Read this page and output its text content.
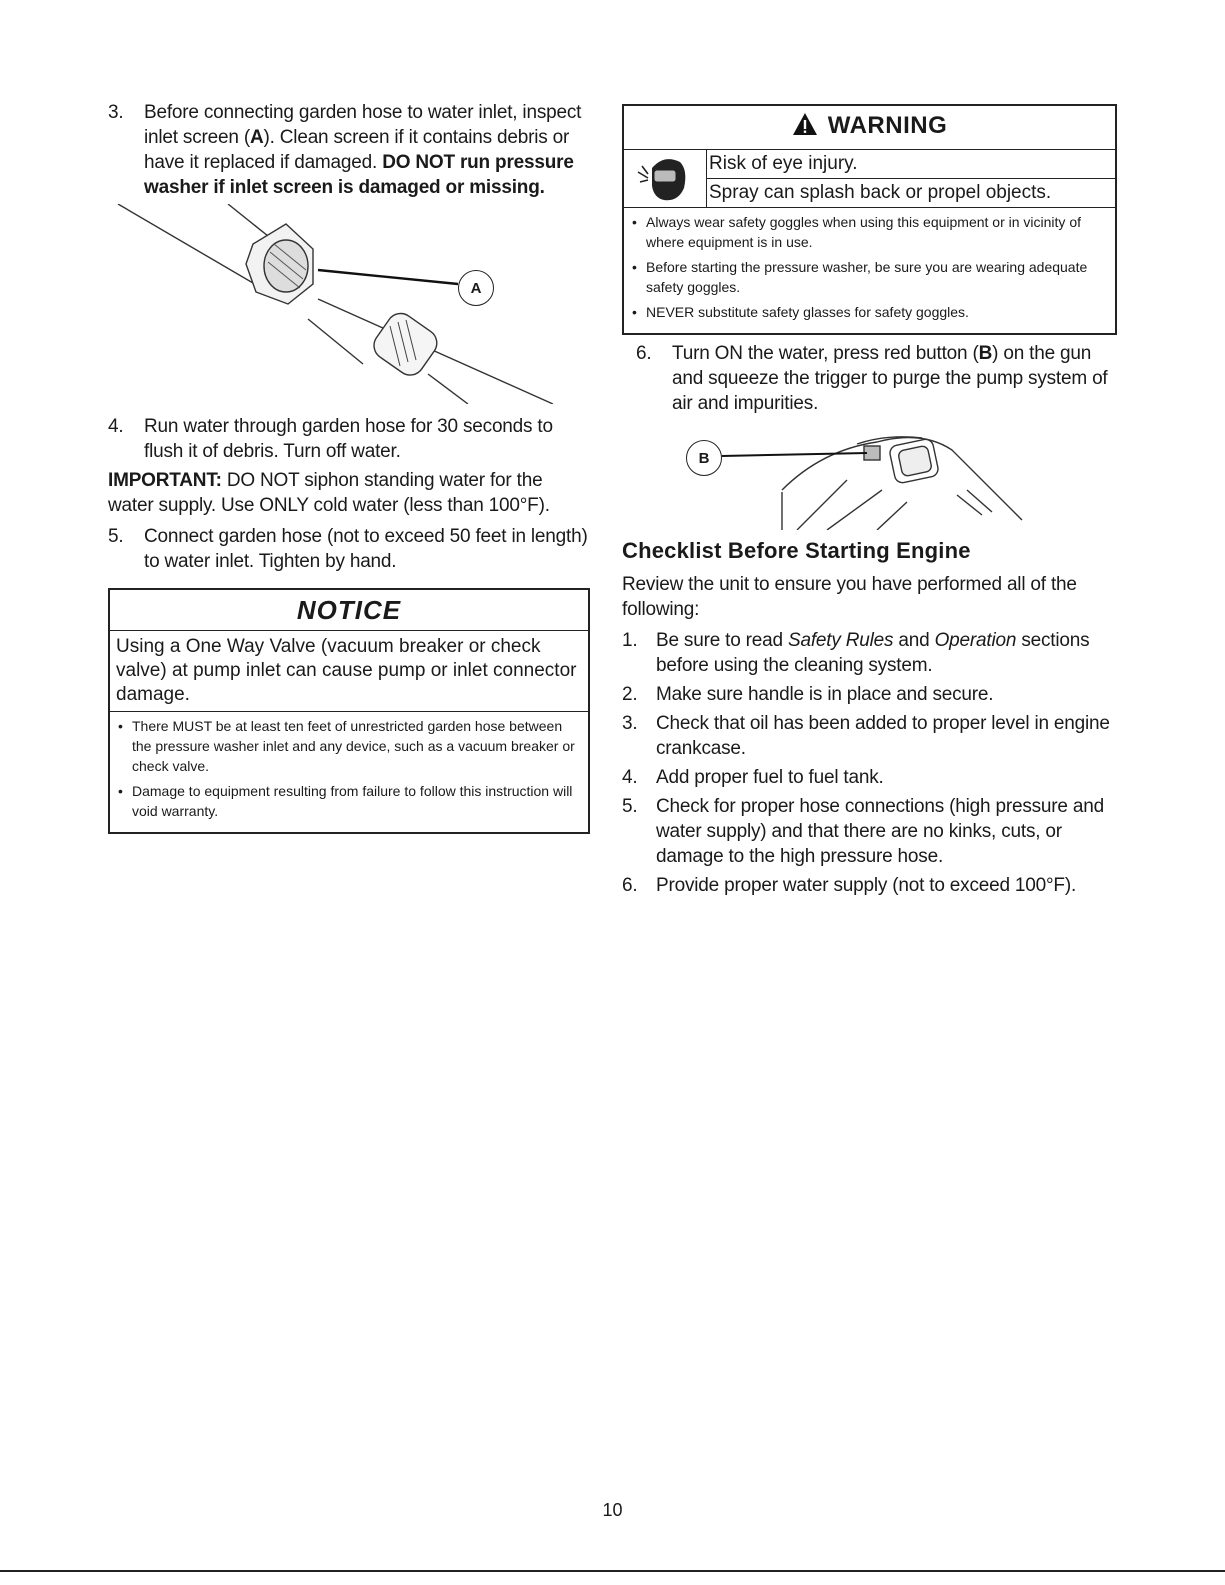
3. Before connecting garden hose to water inlet, inspect inlet screen (A). Clean screen if it contains debris or have it replaced if damaged. DO NOT run pressure washer if inlet screen is damaged or missing.
A
4. Run water through garden hose for 30 seconds to flush it of debris. Turn off water.

IMPORTANT: DO NOT siphon standing water for the water supply. Use ONLY cold water (less than 100°F).

5. Connect garden hose (not to exceed 50 feet in length) to water inlet. Tighten by hand.
NOTICE
Using a One Way Valve (vacuum breaker or check valve) at pump inlet can cause pump or inlet connector damage.
• There MUST be at least ten feet of unrestricted garden hose between the pressure washer inlet and any device, such as a vacuum breaker or check valve.
• Damage to equipment resulting from failure to follow this instruction will void warranty.
WARNING
Risk of eye injury.
Spray can splash back or propel objects.
• Always wear safety goggles when using this equipment or in vicinity of where equipment is in use.
• Before starting the pressure washer, be sure you are wearing adequate safety goggles.
• NEVER substitute safety glasses for safety goggles.
6. Turn ON the water, press red button (B) on the gun and squeeze the trigger to purge the pump system of air and impurities.
B
Checklist Before Starting Engine

Review the unit to ensure you have performed all of the following:

1. Be sure to read Safety Rules and Operation sections before using the cleaning system.
2. Make sure handle is in place and secure.
3. Check that oil has been added to proper level in engine crankcase.
4. Add proper fuel to fuel tank.
5. Check for proper hose connections (high pressure and water supply) and that there are no kinks, cuts, or damage to the high pressure hose.
6. Provide proper water supply (not to exceed 100°F).
10
